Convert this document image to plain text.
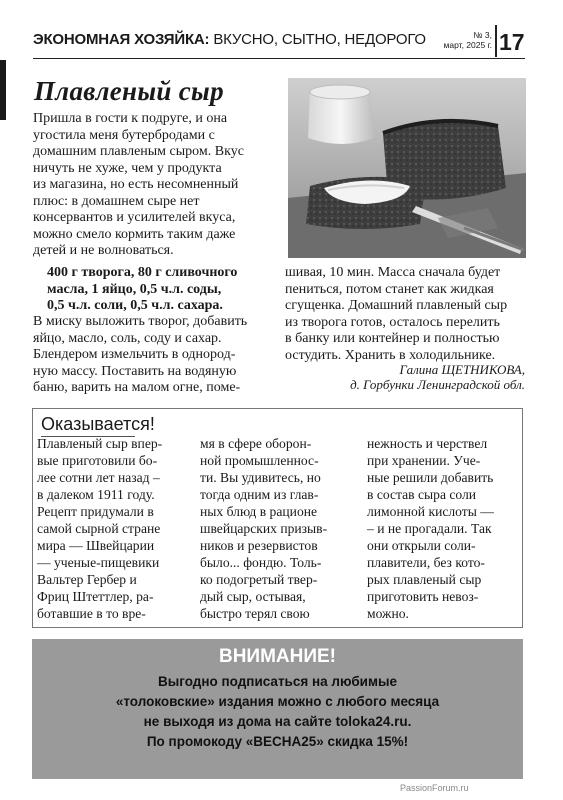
ЭКОНОМНАЯ ХОЗЯЙКА: ВКУСНО, СЫТНО, НЕДОРОГО	№ 3,
март, 2025 г. 17
Плавленый сыр
Пришла в гости к подруге, и она
угостила меня бутербродами с
домашним плавленым сыром. Вкус
ничуть не хуже, чем у продукта
из магазина, но есть несомненный
плюс: в домашнем сыре нет
консервантов и усилителей вкуса,
можно смело кормить таким даже
детей и не волноваться.
400 г творога, 80 г сливочного
масла, 1 яйцо, 0,5 ч.л. соды,
0,5 ч.л. соли, 0,5 ч.л. сахара.
В миску выложить творог, добавить
яйцо, масло, соль, соду и сахар.
Блендером измельчить в однород-
ную массу. Поставить на водяную
баню, варить на малом огне, поме-
шивая, 10 мин. Масса сначала будет
пениться, потом станет как жидкая
сгущенка. Домашний плавленый сыр
из творога готов, осталось перелить
в банку или контейнер и полностью
остудить. Хранить в холодильнике.
Галина ЩЕТНИКОВА,
д. Горбунки Ленинградской обл.
Оказывается!
Плавленый сыр впер-
вые приготовили бо-
лее сотни лет назад –
в далеком 1911 году.
Рецепт придумали в
самой сырной стране
мира — Швейцарии
— ученые-пищевики
Вальтер Гербер и
Фриц Штеттлер, ра-
ботавшие в то вре-
мя в сфере оборон-
ной промышленнос-
ти. Вы удивитесь, но
тогда одним из глав-
ных блюд в рационе
швейцарских призыв-
ников и резервистов
было... фондю. Толь-
ко подогретый твер-
дый сыр, остывая,
быстро терял свою
нежность и черствел
при хранении. Уче-
ные решили добавить
в состав сыра соли
лимонной кислоты —
– и не прогадали. Так
они открыли соли-
плавители, без кото-
рых плавленый сыр
приготовить невоз-
можно.
ВНИМАНИЕ!
Выгодно подписаться на любимые
«толоковские» издания можно с любого месяца
не выходя из дома на сайте toloka24.ru.
По промокоду «ВЕСНА25» скидка 15%!
PassionForum.ru
